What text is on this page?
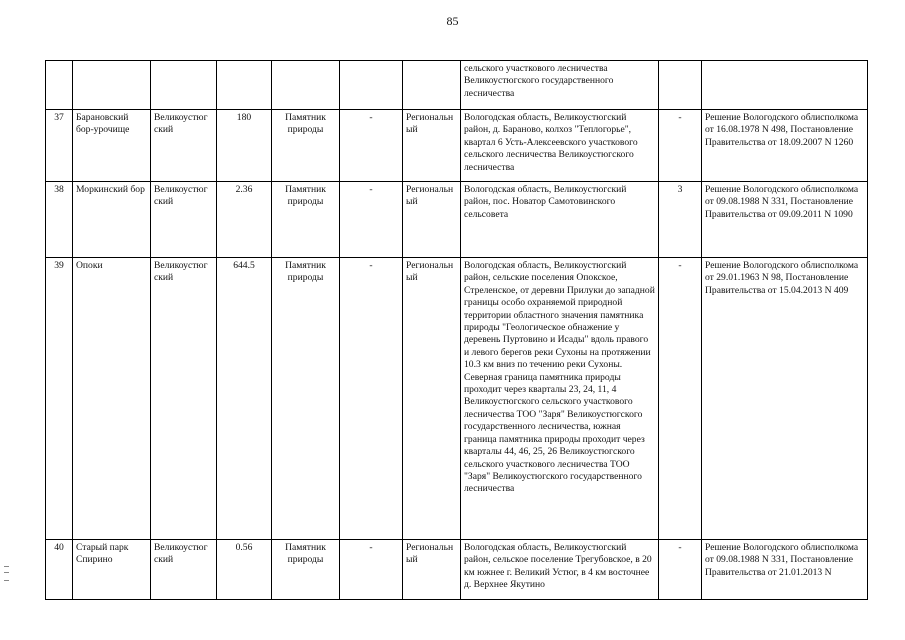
85
							сельского участкового лесничества Великоустюгского государственного лесничества		
37	Барановский бор-урочище	Великоустюг ский	180	Памятник природы	-	Региональн ый	Вологодская область, Великоустюгский район, д. Бараново, колхоз "Теплогорье", квартал 6 Усть-Алексеевского участкового сельского лесничества Великоустюгского лесничества	-	Решение Вологодского облисполкома от 16.08.1978 N 498, Постановление Правительства от 18.09.2007 N 1260
38	Моркинский бор	Великоустюг ский	2.36	Памятник природы	-	Региональн ый	Вологодская область, Великоустюгский район, пос. Новатор Самотовинского сельсовета	3	Решение Вологодского облисполкома от 09.08.1988 N 331, Постановление Правительства от 09.09.2011 N 1090
39	Опоки	Великоустюг ский	644.5	Памятник природы	-	Региональн ый	Вологодская область, Великоустюгский район, сельские поселения Опокское, Стреленское, от деревни Прилуки до западной границы особо охраняемой природной территории областного значения памятника природы "Геологическое обнажение у деревень Пуртовино и Исады" вдоль правого и левого берегов реки Сухоны на протяжении 10.3 км вниз по течению реки Сухоны. Северная граница памятника природы проходит через кварталы 23, 24, 11, 4 Великоустюгского сельского участкового лесничества ТОО "Заря" Великоустюгского государственного лесничества, южная граница памятника природы проходит через кварталы 44, 46, 25, 26 Великоустюгского сельского участкового лесничества ТОО "Заря" Великоустюгского государственного лесничества	-	Решение Вологодского облисполкома от 29.01.1963 N 98, Постановление Правительства от 15.04.2013 N 409
40	Старый парк Спирино	Великоустюг ский	0.56	Памятник природы	-	Региональн ый	Вологодская область, Великоустюгский район, сельское поселение Трегубовское, в 20 км южнее г. Великий Устюг, в 4 км восточнее д. Верхнее Якутино	-	Решение Вологодского облисполкома от 09.08.1988 N 331, Постановление Правительства от 21.01.2013 N
